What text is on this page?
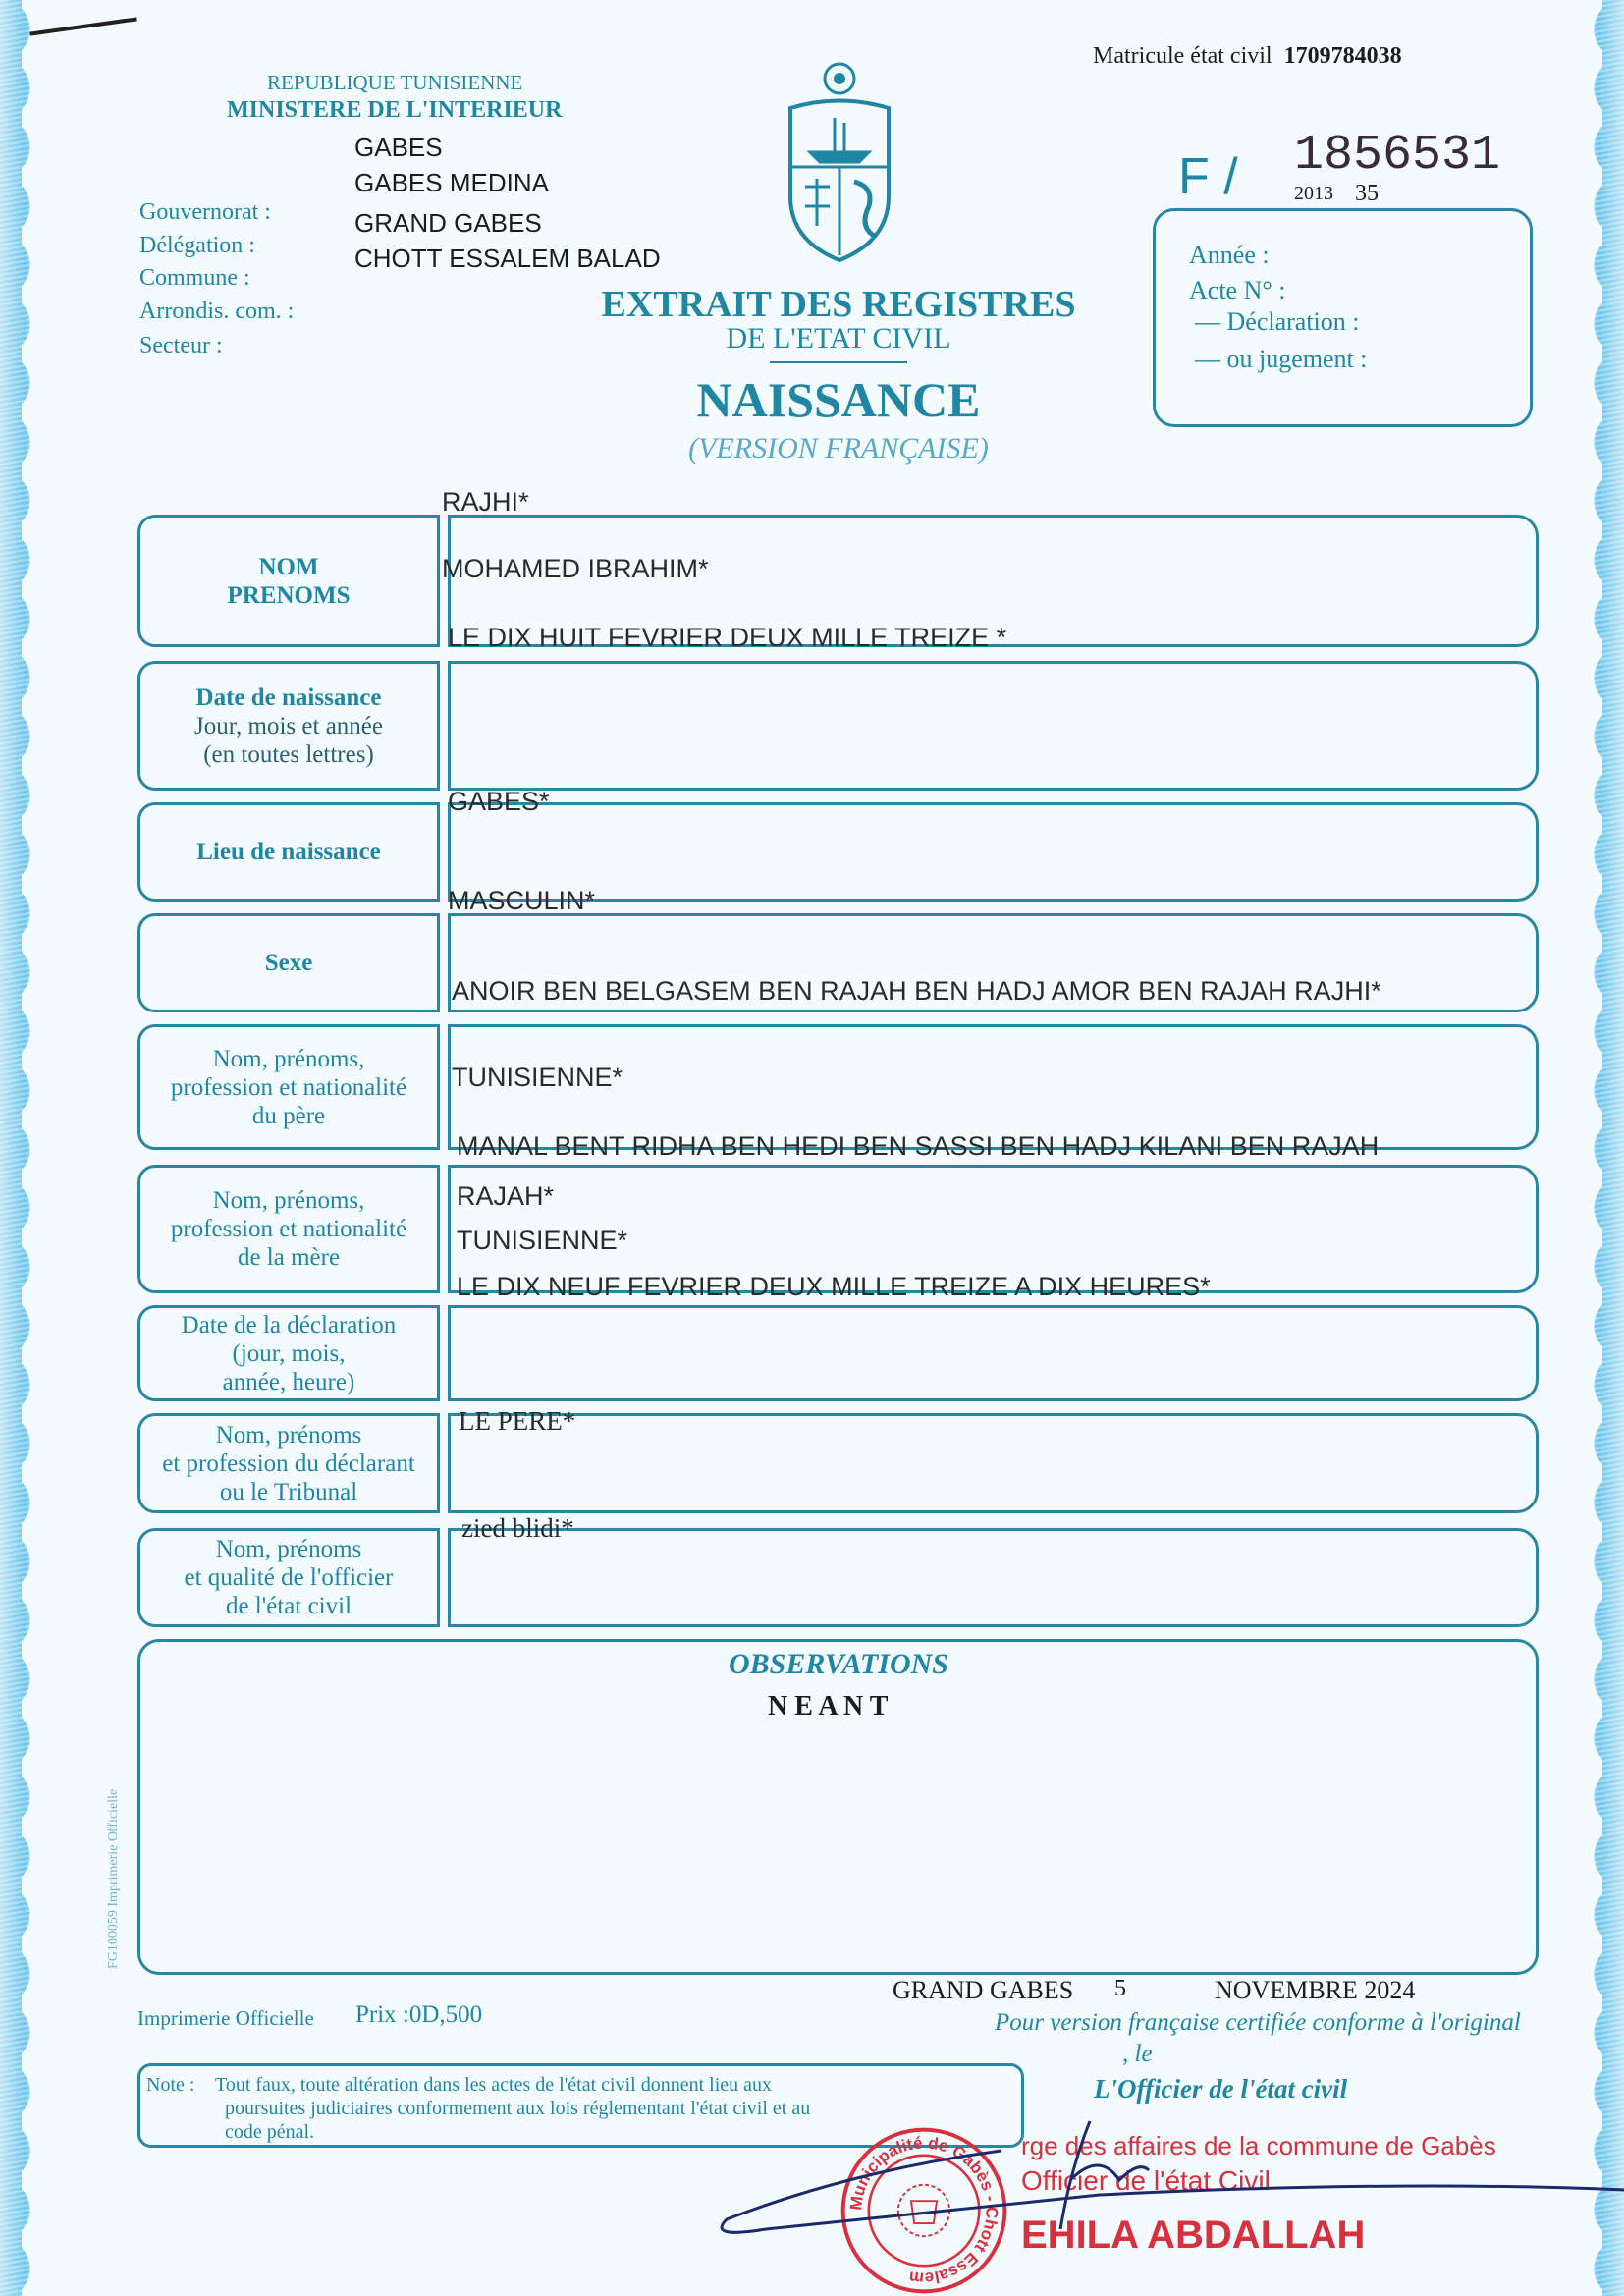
REPUBLIQUE TUNISIENNE
MINISTERE DE L'INTERIEUR
Gouvernorat :
Délégation :
Commune :
Arrondis. com. :
Secteur :
GABES
GABES MEDINA
GRAND GABES
CHOTT ESSALEM BALAD
Matricule état civil 1709784038
F / 1856531
2013 35
Année :
Acte N° :
— Déclaration :
— ou jugement :
EXTRAIT DES REGISTRES
DE L'ETAT CIVIL
NAISSANCE
(VERSION FRANÇAISE)
NOM
PRENOMS
Date de naissance
Jour, mois et année
(en toutes lettres)
Lieu de naissance
Sexe
Nom, prénoms,
profession et nationalité
du père
Nom, prénoms,
profession et nationalité
de la mère
Date de la déclaration
(jour, mois,
année, heure)
Nom, prénoms
et profession du déclarant
ou le Tribunal
Nom, prénoms
et qualité de l'officier
de l'état civil
RAJHI*
MOHAMED IBRAHIM*
LE DIX HUIT FEVRIER DEUX MILLE TREIZE *
GABES*
MASCULIN*
ANOIR BEN BELGASEM BEN RAJAH BEN HADJ AMOR BEN RAJAH RAJHI*
TUNISIENNE*
MANAL BENT RIDHA BEN HEDI BEN SASSI BEN HADJ KILANI BEN RAJAH
RAJAH*
TUNISIENNE*
LE DIX NEUF FEVRIER DEUX MILLE TREIZE A DIX HEURES*
LE PERE*
zied blidi*
OBSERVATIONS
N E A N T
FG100059 Imprimerie Officielle
GRAND GABES 5	NOVEMBRE 2024
Pour version française certifiée conforme à l'original
, le
Imprimerie Officielle Prix :0D,500
L'Officier de l'état civil
Note : Tout faux, toute altération dans les actes de l'état civil donnent lieu aux
poursuites judiciaires conformement aux lois réglementant l'état civil et au
code pénal.
Municipalité de Gabès - Chott Essalem
rge des affaires de la commune de Gabès
Officier de l'état Civil
EHILA ABDALLAH
